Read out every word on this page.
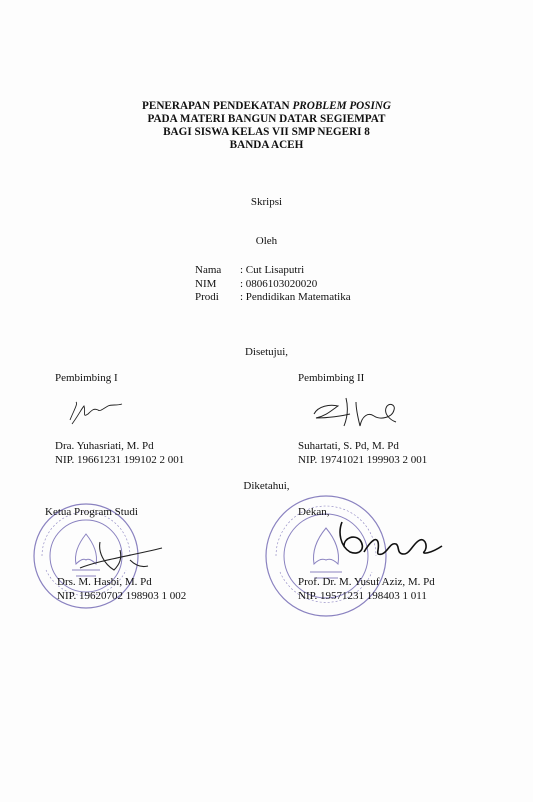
PENERAPAN PENDEKATAN PROBLEM POSING
PADA MATERI BANGUN DATAR SEGIEMPAT
BAGI SISWA KELAS VII SMP NEGERI 8
BANDA ACEH
Skripsi
Oleh
Nama	: Cut Lisaputri
NIM	: 0806103020020
Prodi	: Pendidikan Matematika
Disetujui,
Pembimbing I
Dra. Yuhasriati, M. Pd
NIP. 19661231 199102 2 001
Pembimbing II
Suhartati, S. Pd, M. Pd
NIP. 19741021 199903 2 001
Diketahui,
Ketua Program Studi
Drs. M. Hasbi, M. Pd
NIP. 19620702 198903 1 002
Dekan,
Prof. Dr. M. Yusuf Aziz, M. Pd
NIP. 19571231 198403 1 011
